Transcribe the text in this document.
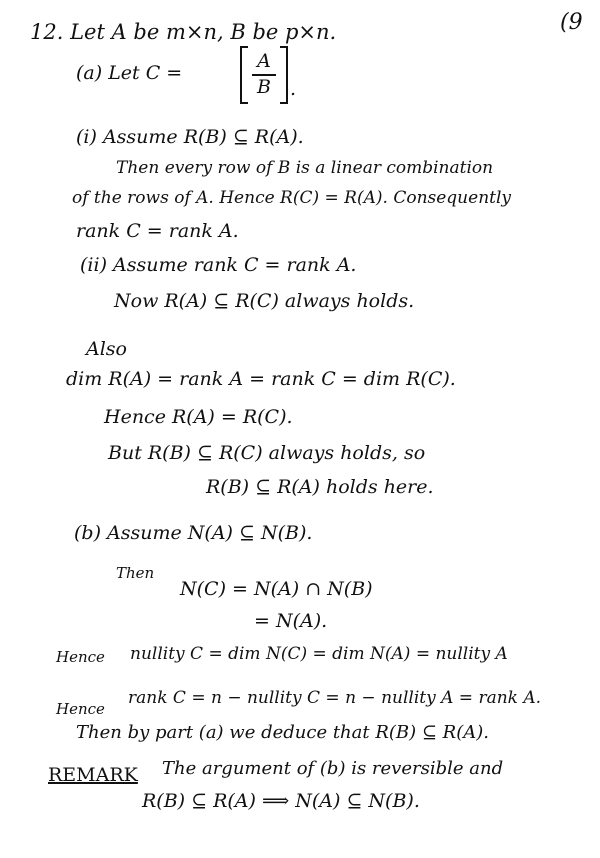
(9
12. Let A be m×n, B be p×n.
(a) Let C =
A
B	.
(i) Assume R(B) ⊆ R(A).
Then every row of B is a linear combination
of the rows of A. Hence R(C) = R(A). Consequently
rank C = rank A.
(ii) Assume rank C = rank A.
Now R(A) ⊆ R(C) always holds.
Also
dim R(A) = rank A = rank C = dim R(C).
Hence R(A) = R(C).
But R(B) ⊆ R(C) always holds, so
R(B) ⊆ R(A) holds here.
(b) Assume N(A) ⊆ N(B).
Then
N(C) = N(A) ∩ N(B)
= N(A).
Hence nullity C = dim N(C) = dim N(A) = nullity A
Hence
rank C = n − nullity C = n − nullity A = rank A.
Then by part (a) we deduce that R(B) ⊆ R(A).
REMARK The argument of (b) is reversible and
R(B) ⊆ R(A) ⟹ N(A) ⊆ N(B).
